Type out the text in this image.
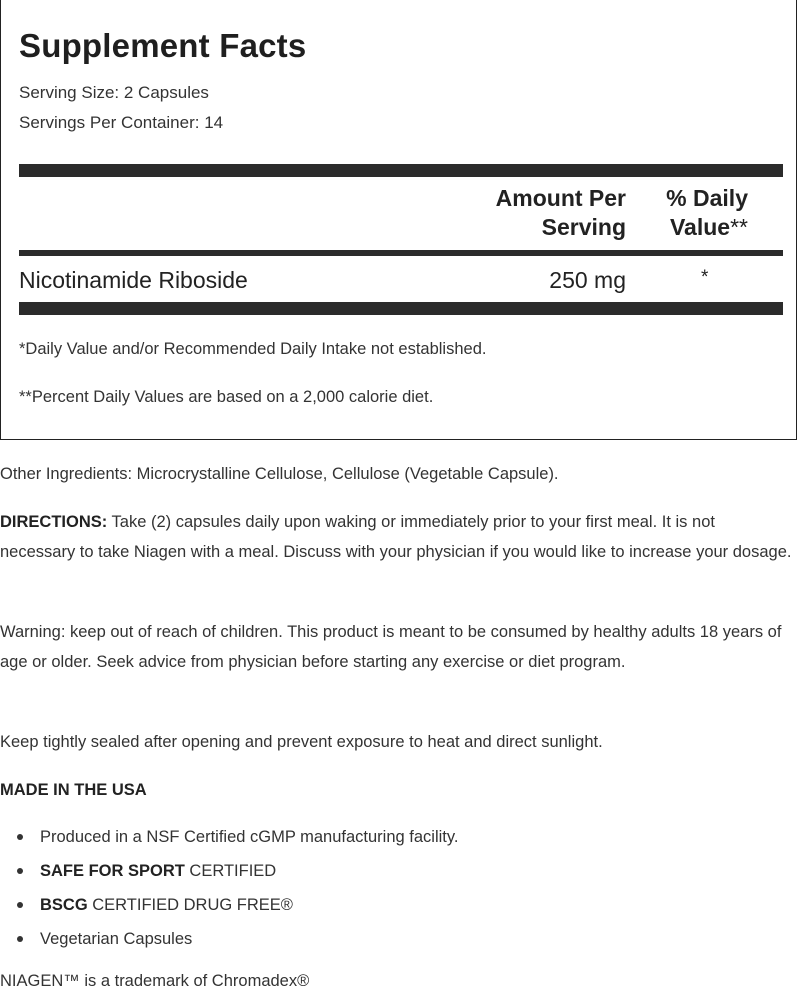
Supplement Facts
Serving Size: 2 Capsules
Servings Per Container: 14
Amount Per
Serving
% Daily
Value**
Nicotinamide Riboside	250 mg	*
*Daily Value and/or Recommended Daily Intake not established.
**Percent Daily Values are based on a 2,000 calorie diet.
Other Ingredients: Microcrystalline Cellulose, Cellulose (Vegetable Capsule).
DIRECTIONS: Take (2) capsules daily upon waking or immediately prior to your first meal. It is not necessary to take Niagen with a meal. Discuss with your physician if you would like to increase your dosage.
Warning: keep out of reach of children. This product is meant to be consumed by healthy adults 18 years of age or older. Seek advice from physician before starting any exercise or diet program.
Keep tightly sealed after opening and prevent exposure to heat and direct sunlight.
MADE IN THE USA
Produced in a NSF Certified cGMP manufacturing facility.
SAFE FOR SPORT CERTIFIED
BSCG CERTIFIED DRUG FREE®
Vegetarian Capsules
NIAGEN™ is a trademark of Chromadex®
